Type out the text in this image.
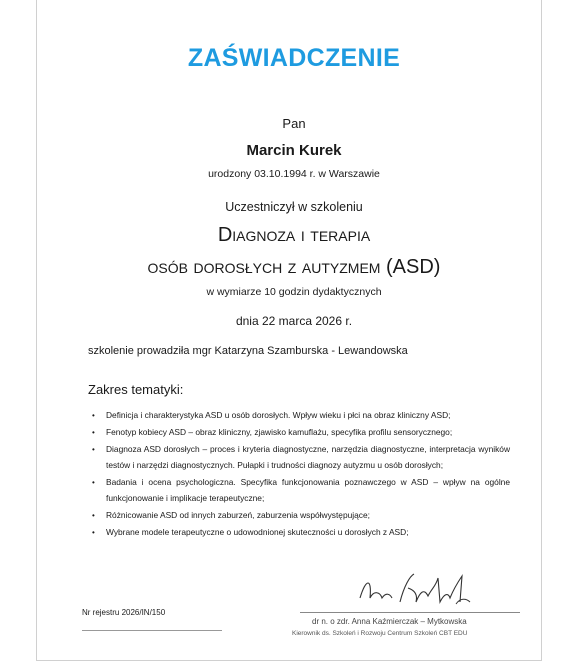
ZAŚWIADCZENIE
Pan
Marcin Kurek
urodzony 03.10.1994 r. w Warszawie
Uczestniczył w szkoleniu
Diagnoza i terapia
osób dorosłych z autyzmem (ASD)
w wymiarze 10 godzin dydaktycznych
dnia 22 marca 2026 r.
szkolenie prowadziła mgr Katarzyna Szamburska - Lewandowska
Zakres tematyki:
• Definicja i charakterystyka ASD u osób dorosłych. Wpływ wieku i płci na obraz kliniczny ASD;
• Fenotyp kobiecy ASD – obraz kliniczny, zjawisko kamuflażu, specyfika profilu sensorycznego;
• Diagnoza ASD dorosłych – proces i kryteria diagnostyczne, narzędzia diagnostyczne, interpretacja wyników testów i narzędzi diagnostycznych. Pułapki i trudności diagnozy autyzmu u osób dorosłych;
• Badania i ocena psychologiczna. Specyfika funkcjonowania poznawczego w ASD – wpływ na ogólne funkcjonowanie i implikacje terapeutyczne;
• Różnicowanie ASD od innych zaburzeń, zaburzenia współwystępujące;
• Wybrane modele terapeutyczne o udowodnionej skuteczności u dorosłych z ASD;
Nr rejestru 2026/IN/150
dr n. o zdr. Anna Kaźmierczak – Mytkowska
Kierownik ds. Szkoleń i Rozwoju Centrum Szkoleń CBT EDU
